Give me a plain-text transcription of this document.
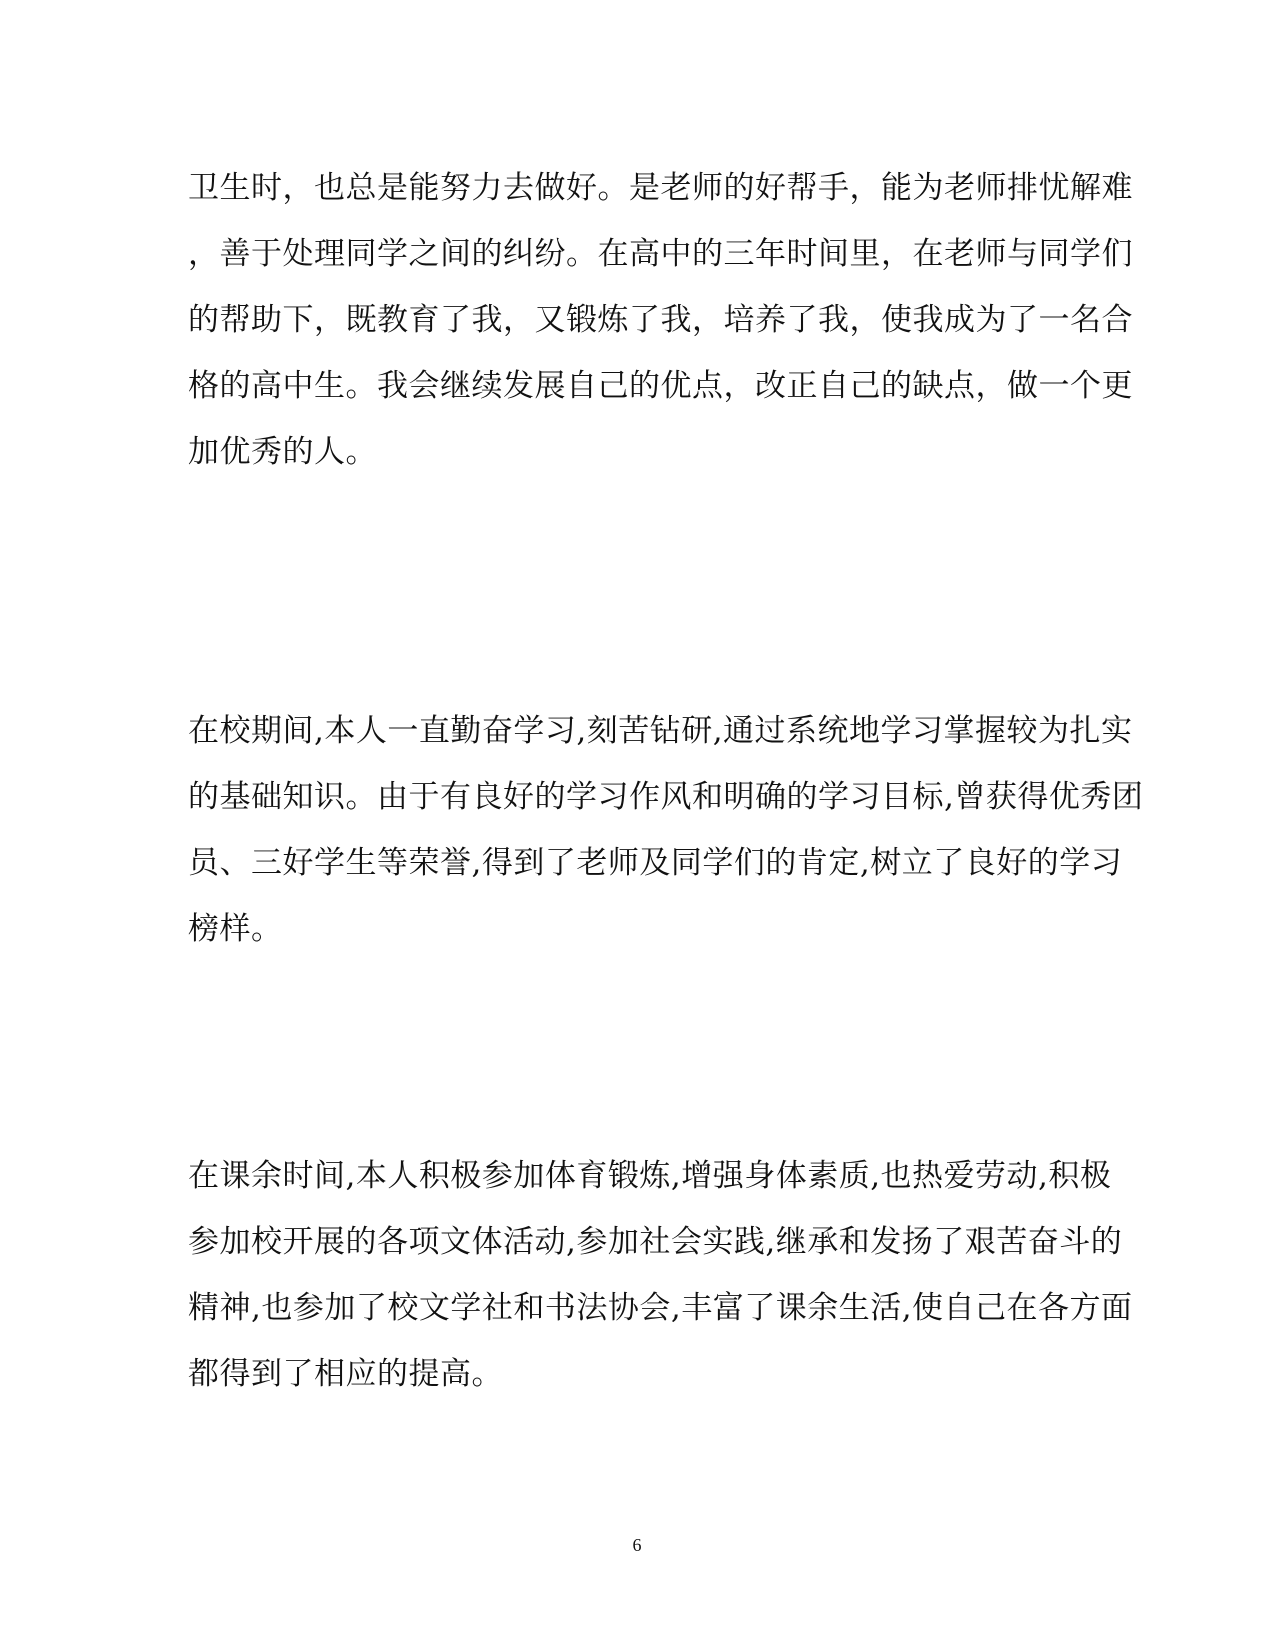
卫生时，也总是能努力去做好。是老师的好帮手，能为老师排忧解难
，善于处理同学之间的纠纷。在高中的三年时间里，在老师与同学们
的帮助下，既教育了我，又锻炼了我，培养了我，使我成为了一名合
格的高中生。我会继续发展自己的优点，改正自己的缺点，做一个更
加优秀的人。

在校期间,本人一直勤奋学习,刻苦钻研,通过系统地学习掌握较为扎实
的基础知识。由于有良好的学习作风和明确的学习目标,曾获得优秀团
员、三好学生等荣誉,得到了老师及同学们的肯定,树立了良好的学习
榜样。

在课余时间,本人积极参加体育锻炼,增强身体素质,也热爱劳动,积极
参加校开展的各项文体活动,参加社会实践,继承和发扬了艰苦奋斗的
精神,也参加了校文学社和书法协会,丰富了课余生活,使自己在各方面
都得到了相应的提高。

6
